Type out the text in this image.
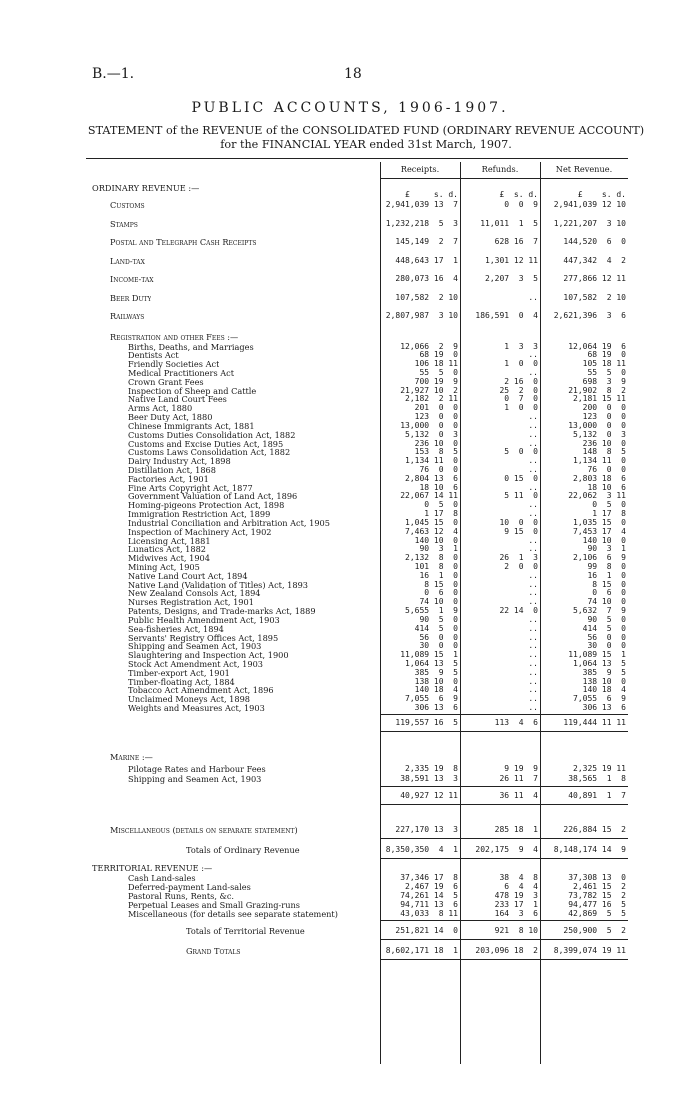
B.—1.	18
PUBLIC ACCOUNTS, 1906-1907.
STATEMENT of the REVENUE of the CONSOLIDATED FUND (ORDINARY REVENUE ACCOUNT) for the FINANCIAL YEAR ended 31st March, 1907.
Receipts.	Refunds.	Net Revenue.
ORDINARY REVENUE :—
£	s. d.	£ s. d.	£ s. d.
Customs	2,941,039 13  7	0  0  9	2,941,039 12 10
Stamps	1,232,218  5  3	11,011  1  5	1,221,207  3 10
Postal and Telegraph Cash Receipts	145,149  2  7	628 16  7	144,520  6  0
Land-tax	448,643 17  1	1,301 12 11	447,342  4  2
Income-tax	280,073 16  4	2,207  3  5	277,866 12 11
Beer Duty	107,582  2 10	..	107,582  2 10
Railways	2,807,987  3 10	186,591  0  4	2,621,396  3  6
Registration and other Fees :—
Births, Deaths, and Marriages	12,066  2  9	1  3  3	12,064 19  6
Dentists Act	68 19  0	..	68 19  0
Friendly Societies Act	106 18 11	1  0  0	105 18 11
Medical Practitioners Act	55  5  0	..	55  5  0
Crown Grant Fees	700 19  9	2 16  0	698  3  9
Inspection of Sheep and Cattle	21,927 10  2	25  2  0	21,902  8  2
Native Land Court Fees	2,182  2 11	0  7  0	2,181 15 11
Arms Act, 1880	201  0  0	1  0  0	200  0  0
Beer Duty Act, 1880	123  0  0	..	123  0  0
Chinese Immigrants Act, 1881	13,000  0  0	..	13,000  0  0
Customs Duties Consolidation Act, 1882	5,132  0  3	..	5,132  0  3
Customs and Excise Duties Act, 1895	236 10  0	..	236 10  0
Customs Laws Consolidation Act, 1882	153  8  5	5  0  0	148  8  5
Dairy Industry Act, 1898	1,134 11  0	..	1,134 11  0
Distillation Act, 1868	76  0  0	..	76  0  0
Factories Act, 1901	2,804 13  6	0 15  0	2,803 18  6
Fine Arts Copyright Act, 1877	18 10  6	..	18 10  6
Government Valuation of Land Act, 1896	22,067 14 11	5 11  0	22,062  3 11
Homing-pigeons Protection Act, 1898	0  5  0	..	0  5  0
Immigration Restriction Act, 1899	1 17  8	..	1 17  8
Industrial Conciliation and Arbitration Act, 1905	1,045 15  0	10  0  0	1,035 15  0
Inspection of Machinery Act, 1902	7,463 12  4	9 15  0	7,453 17  4
Licensing Act, 1881	140 10  0	..	140 10  0
Lunatics Act, 1882	90  3  1	..	90  3  1
Midwives Act, 1904	2,132  8  0	26  1  3	2,106  6  9
Mining Act, 1905	101  8  0	2  0  0	99  8  0
Native Land Court Act, 1894	16  1  0	..	16  1  0
Native Land (Validation of Titles) Act, 1893	8 15  0	..	8 15  0
New Zealand Consols Act, 1894	0  6  0	..	0  6  0
Nurses Registration Act, 1901	74 10  0	..	74 10  0
Patents, Designs, and Trade-marks Act, 1889	5,655  1  9	22 14  0	5,632  7  9
Public Health Amendment Act, 1903	90  5  0	..	90  5  0
Sea-fisheries Act, 1894	414  5  0	..	414  5  0
Servants' Registry Offices Act, 1895	56  0  0	..	56  0  0
Shipping and Seamen Act, 1903	30  0  0	..	30  0  0
Slaughtering and Inspection Act, 1900	11,089 15  1	..	11,089 15  1
Stock Act Amendment Act, 1903	1,064 13  5	..	1,064 13  5
Timber-export Act, 1901	385  9  5	..	385  9  5
Timber-floating Act, 1884	138 10  0	..	138 10  0
Tobacco Act Amendment Act, 1896	140 18  4	..	140 18  4
Unclaimed Moneys Act, 1898	7,055  6  9	..	7,055  6  9
Weights and Measures Act, 1903	306 13  6	..	306 13  6
119,557 16  5	113  4  6	119,444 11 11
Marine :—
Pilotage Rates and Harbour Fees	2,335 19  8	9 19  9	2,325 19 11
Shipping and Seamen Act, 1903	38,591 13  3	26 11  7	38,565  1  8
40,927 12 11	36 11  4	40,891  1  7
Miscellaneous (details on separate statement)	227,170 13  3	285 18  1	226,884 15  2
Totals of Ordinary Revenue	8,350,350  4  1	202,175  9  4	8,148,174 14  9
TERRITORIAL REVENUE :—
Cash Land-sales	37,346 17  8	38  4  8	37,308 13  0
Deferred-payment Land-sales	2,467 19  6	6  4  4	2,461 15  2
Pastoral Runs, Rents, &c.	74,261 14  5	478 19  3	73,782 15  2
Perpetual Leases and Small Grazing-runs	94,711 13  6	233 17  1	94,477 16  5
Miscellaneous (for details see separate statement)	43,033  8 11	164  3  6	42,869  5  5
Totals of Territorial Revenue	251,821 14  0	921  8 10	250,900  5  2
Grand Totals	8,602,171 18  1	203,096 18  2	8,399,074 19 11
